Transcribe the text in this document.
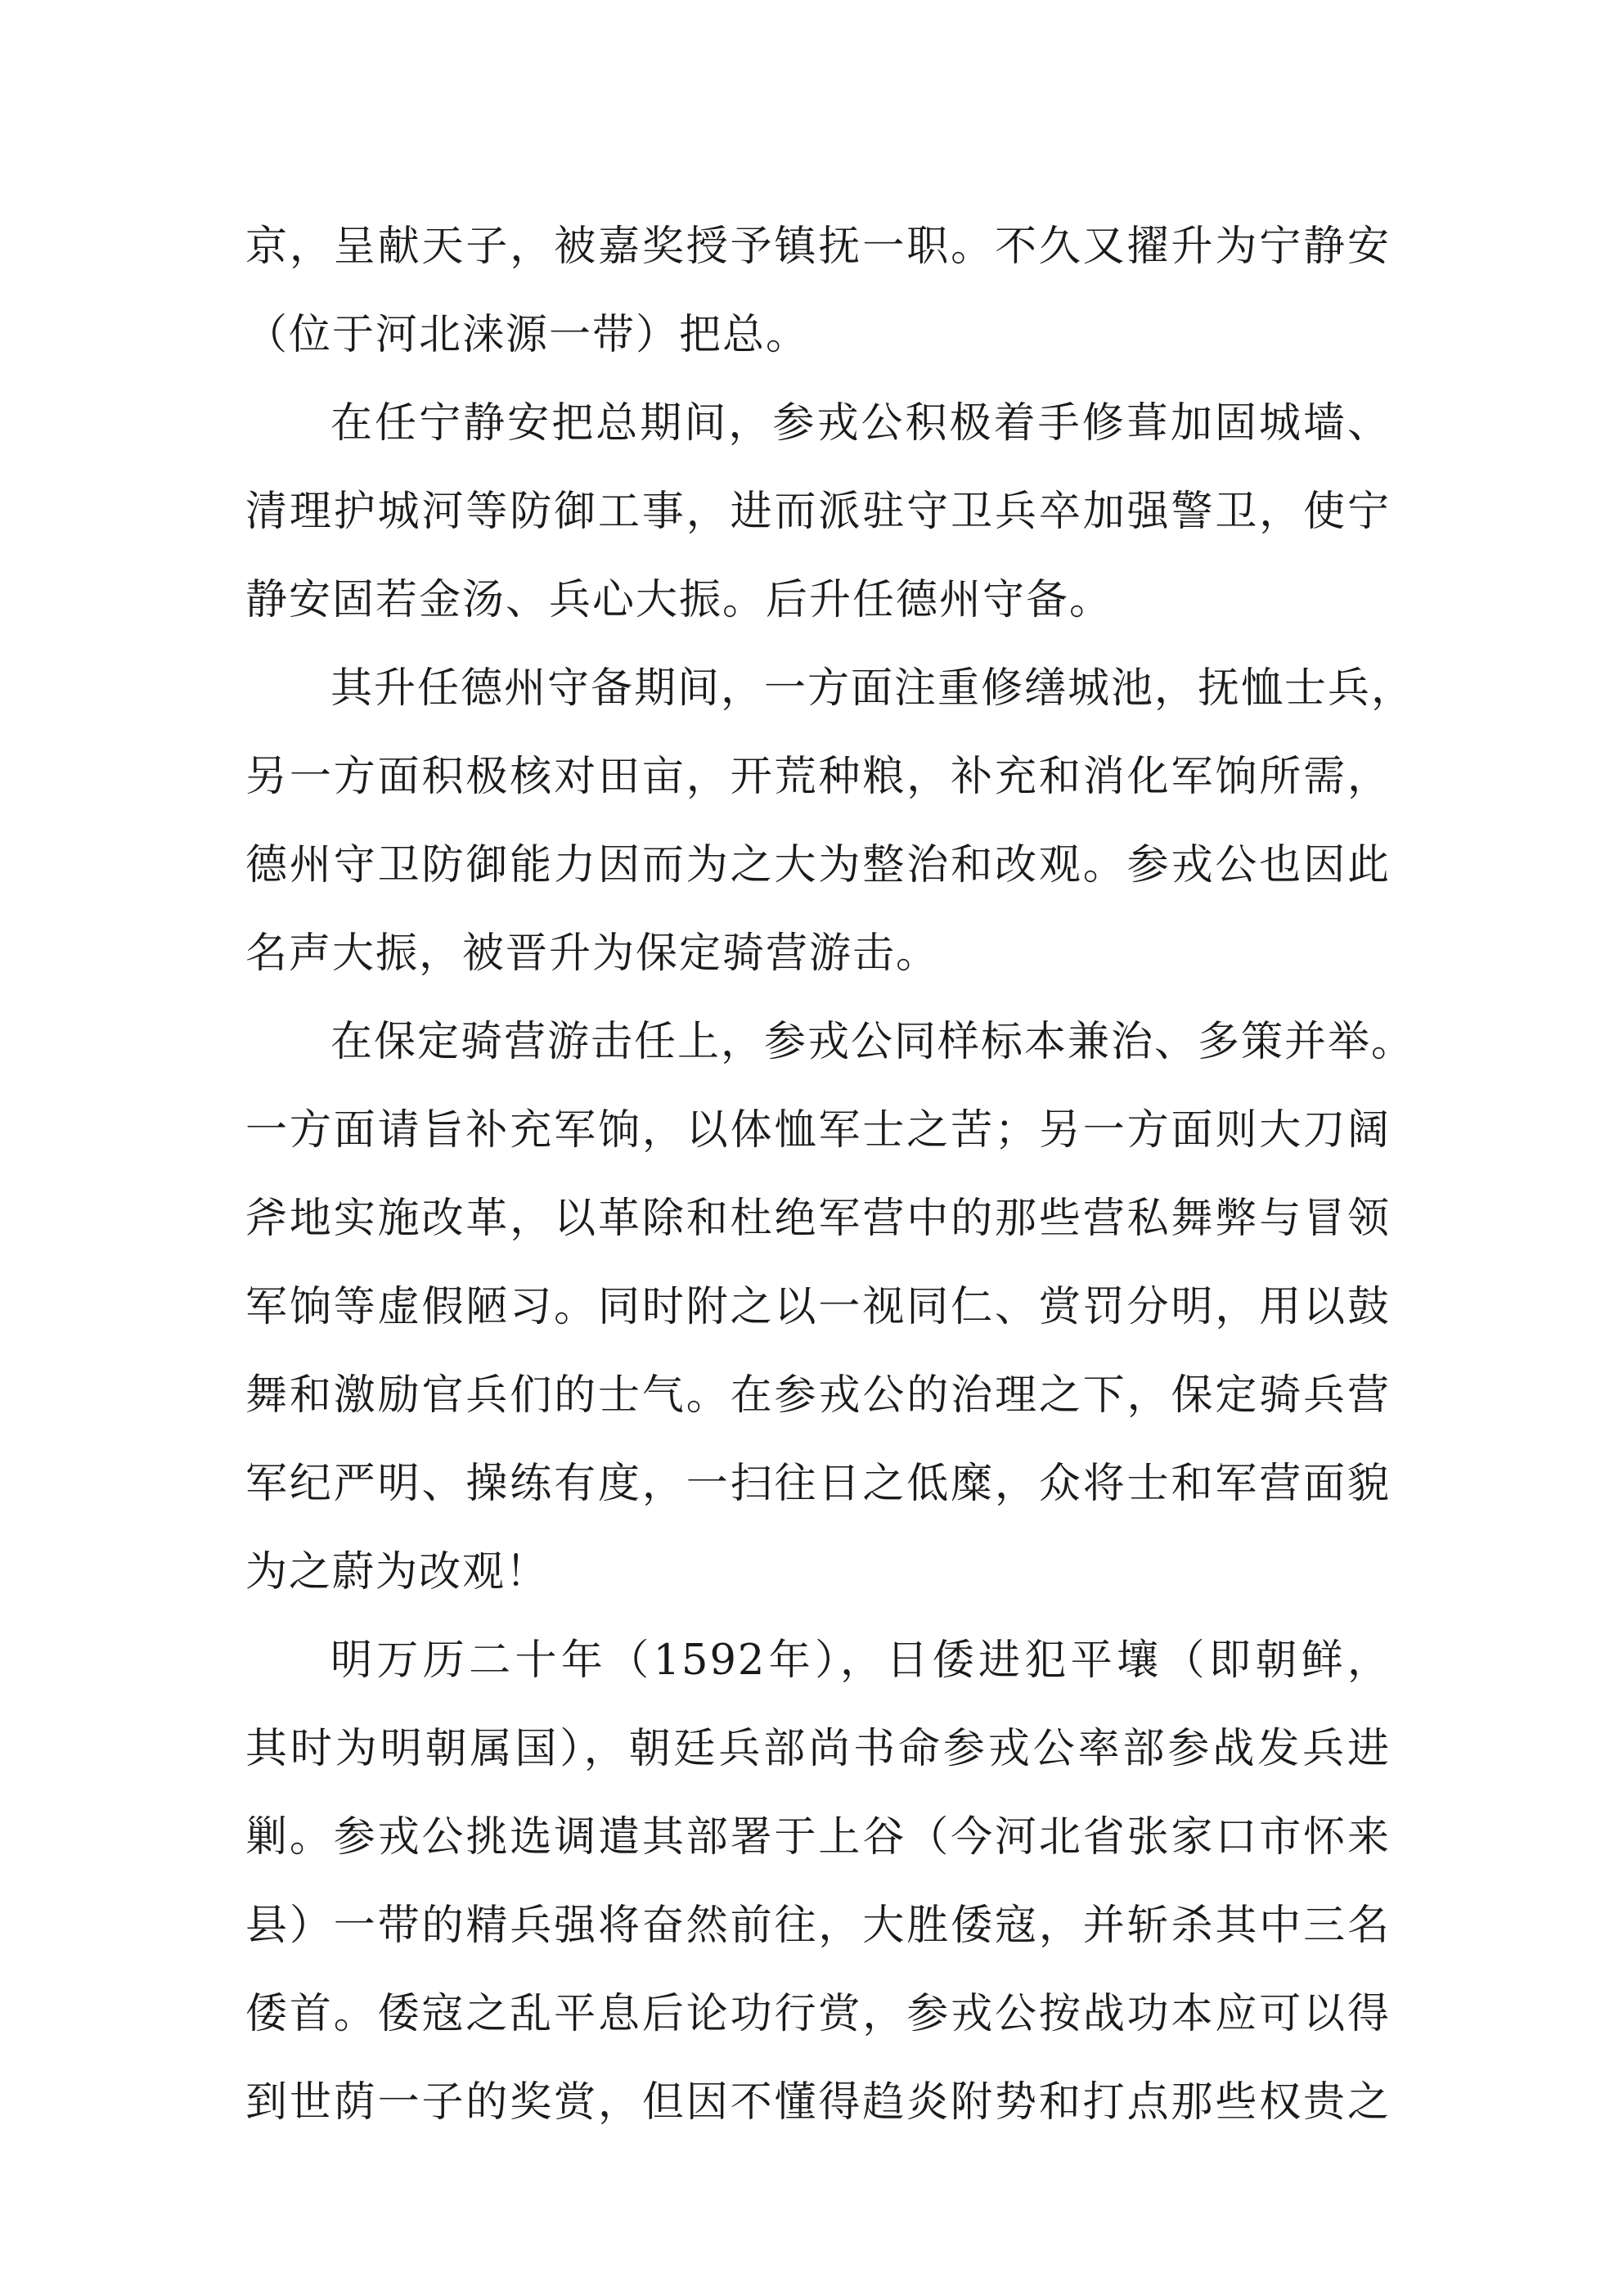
京，呈献天子，被嘉奖授予镇抚一职。不久又擢升为宁静安
（位于河北涞源一带）把总。
在任宁静安把总期间，参戎公积极着手修葺加固城墙、
清理护城河等防御工事，进而派驻守卫兵卒加强警卫，使宁
静安固若金汤、兵心大振。后升任德州守备。
其升任德州守备期间，一方面注重修缮城池，抚恤士兵，
另一方面积极核对田亩，开荒种粮，补充和消化军饷所需，
德州守卫防御能力因而为之大为整治和改观。参戎公也因此
名声大振，被晋升为保定骑营游击。
在保定骑营游击任上，参戎公同样标本兼治、多策并举。
一方面请旨补充军饷，以体恤军士之苦；另一方面则大刀阔
斧地实施改革，以革除和杜绝军营中的那些营私舞弊与冒领
军饷等虚假陋习。同时附之以一视同仁、赏罚分明，用以鼓
舞和激励官兵们的士气。在参戎公的治理之下，保定骑兵营
军纪严明、操练有度，一扫往日之低糜，众将士和军营面貌
为之蔚为改观！
明万历二十年（1592年），日倭进犯平壤（即朝鲜，
其时为明朝属国），朝廷兵部尚书命参戎公率部参战发兵进
剿。参戎公挑选调遣其部署于上谷（今河北省张家口市怀来
县）一带的精兵强将奋然前往，大胜倭寇，并斩杀其中三名
倭首。倭寇之乱平息后论功行赏，参戎公按战功本应可以得
到世荫一子的奖赏，但因不懂得趋炎附势和打点那些权贵之
